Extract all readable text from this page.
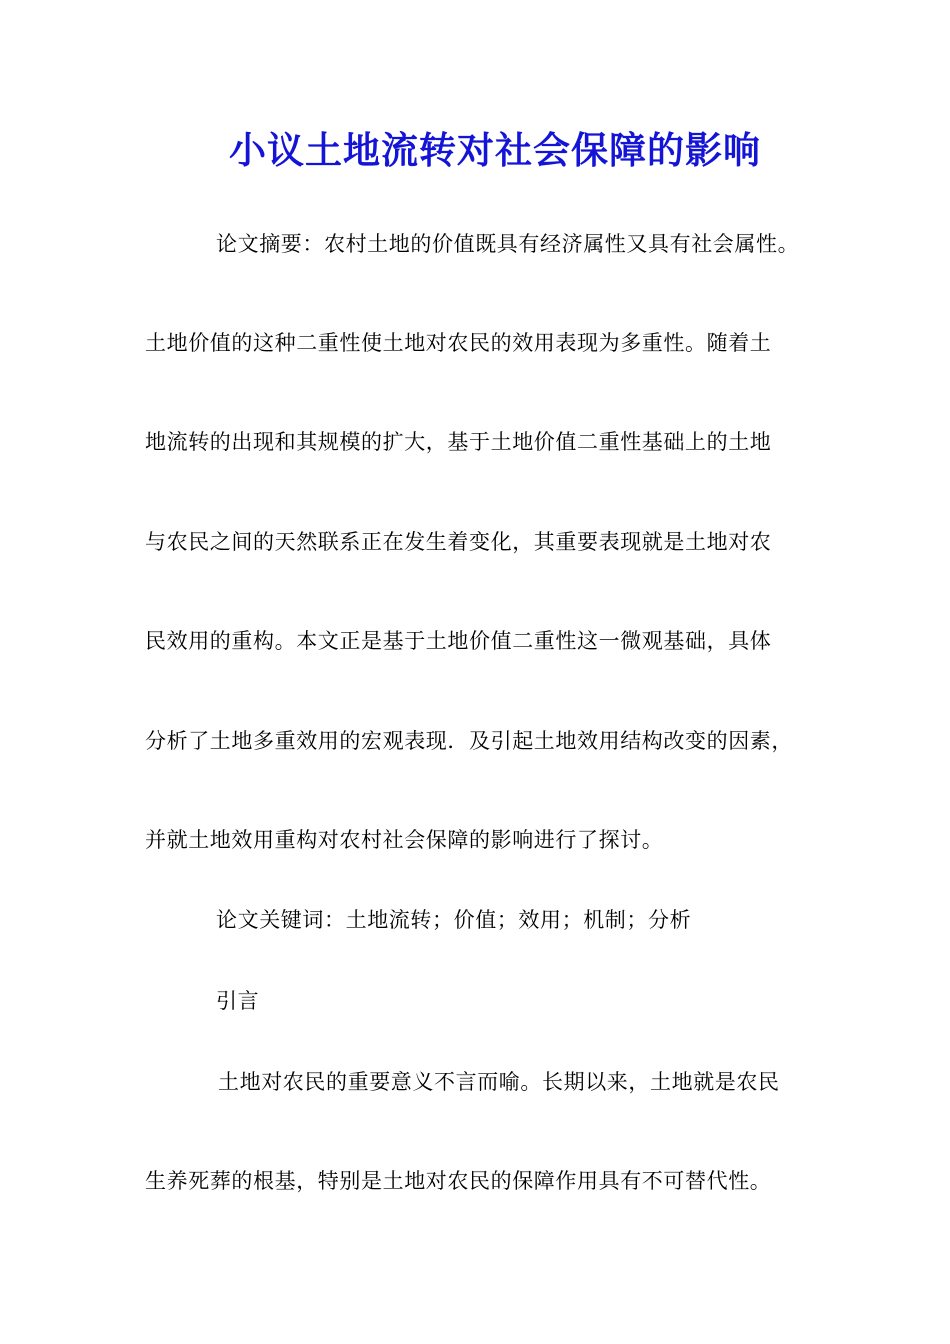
小议土地流转对社会保障的影响
论文摘要：农村土地的价值既具有经济属性又具有社会属性。
土地价值的这种二重性使土地对农民的效用表现为多重性。随着土
地流转的出现和其规模的扩大，基于土地价值二重性基础上的土地
与农民之间的天然联系正在发生着变化，其重要表现就是土地对农
民效用的重构。本文正是基于土地价值二重性这一微观基础，具体
分析了土地多重效用的宏观表现．及引起土地效用结构改变的因素，
并就土地效用重构对农村社会保障的影响进行了探讨。
论文关键词：土地流转；价值；效用；机制；分析
引言
土地对农民的重要意义不言而喻。长期以来，土地就是农民
生养死葬的根基，特别是土地对农民的保障作用具有不可替代性。
